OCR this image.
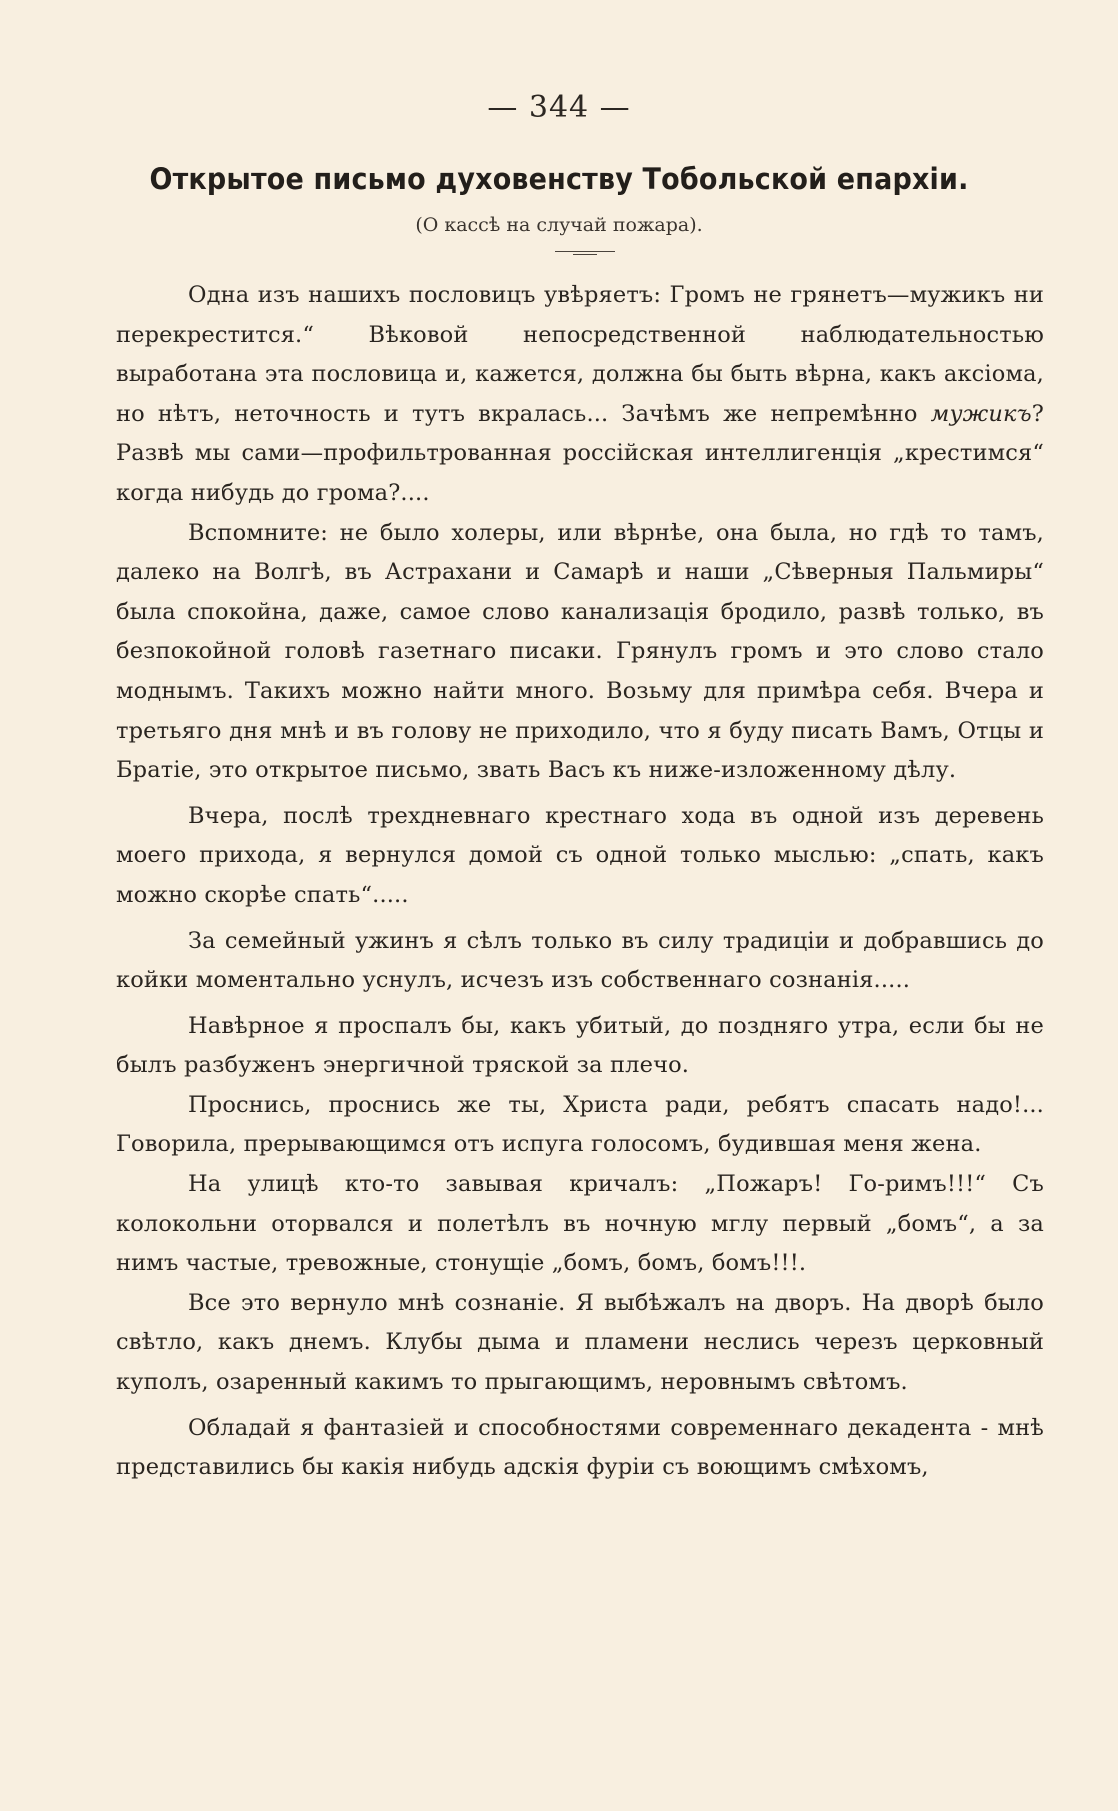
— 344 —
Открытое письмо духовенству Тобольской епархіи.
(О кассѣ на случай пожара).

Одна изъ нашихъ пословицъ увѣряетъ: Громъ не грянетъ—мужикъ ни перекрестится.“ Вѣковой непосредственной наблюдательностью выработана эта пословица и, кажется, должна бы быть вѣрна, какъ аксіома, но нѣтъ, неточность и тутъ вкралась... Зачѣмъ же непремѣнно мужикъ? Развѣ мы сами—профильтрованная россійская интеллигенція „крестимся“ когда нибудь до грома?....

Вспомните: не было холеры, или вѣрнѣе, она была, но гдѣ то тамъ, далеко на Волгѣ, въ Астрахани и Самарѣ и наши „Сѣверныя Пальмиры“ была спокойна, даже, самое слово канализація бродило, развѣ только, въ безпокойной головѣ газетнаго писаки. Грянулъ громъ и это слово стало моднымъ. Такихъ можно найти много. Возьму для примѣра себя. Вчера и третьяго дня мнѣ и въ голову не приходило, что я буду писать Вамъ, Отцы и Братіе, это открытое письмо, звать Васъ къ ниже-изложенному дѣлу.

Вчера, послѣ трехдневнаго крестнаго хода въ одной изъ деревень моего прихода, я вернулся домой съ одной только мыслью: „спать, какъ можно скорѣе спать“.....

За семейный ужинъ я сѣлъ только въ силу традиціи и добравшись до койки моментально уснулъ, исчезъ изъ собственнаго сознанія.....

Навѣрное я проспалъ бы, какъ убитый, до поздняго утра, если бы не былъ разбуженъ энергичной тряской за плечо.

Проснись, проснись же ты, Христа ради, ребятъ спасать надо!... Говорила, прерывающимся отъ испуга голосомъ, будившая меня жена.

На улицѣ кто-то завывая кричалъ: „Пожаръ! Го-римъ!!!“ Съ колокольни оторвался и полетѣлъ въ ночную мглу первый „бомъ“, а за нимъ частые, тревожные, стонущіе „бомъ, бомъ, бомъ!!!.

Все это вернуло мнѣ сознаніе. Я выбѣжалъ на дворъ. На дворѣ было свѣтло, какъ днемъ. Клубы дыма и пламени неслись черезъ церковный куполъ, озаренный какимъ то прыгающимъ, неровнымъ свѣтомъ.

Обладай я фантазіей и способностями современнаго декадента - мнѣ представились бы какія нибудь адскія фуріи съ воющимъ смѣхомъ,
